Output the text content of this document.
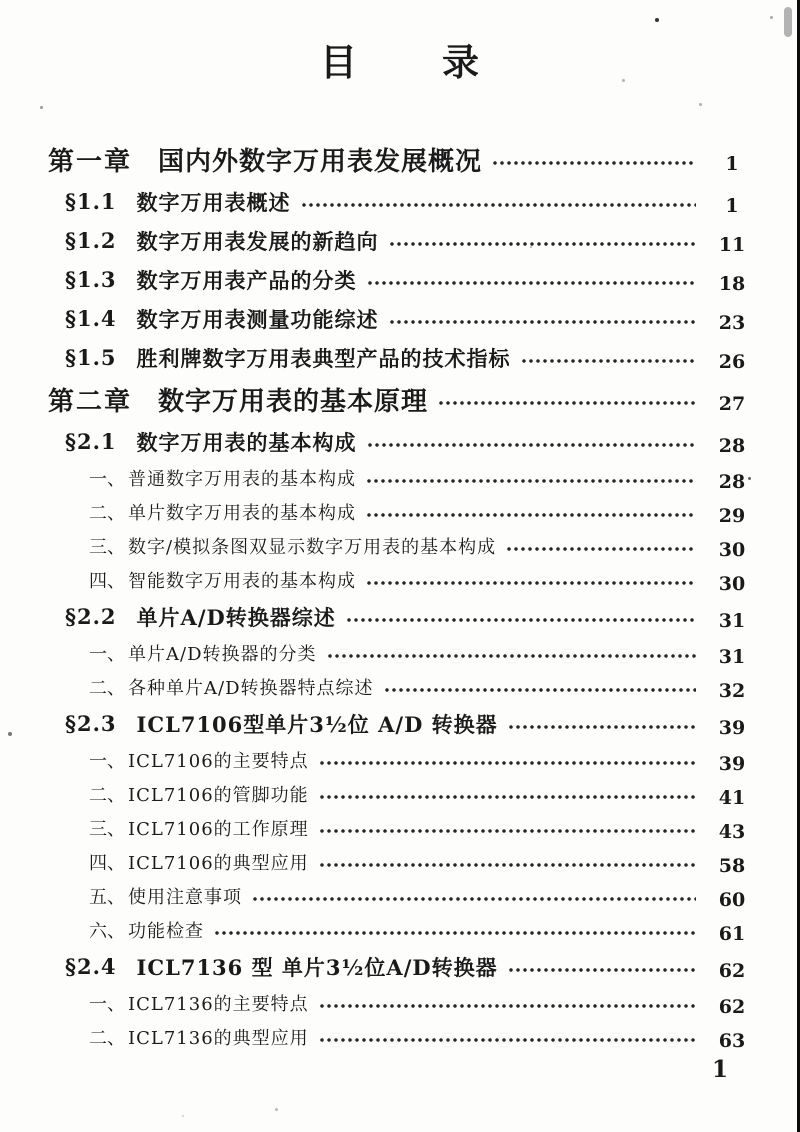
目 录
第一章 国内外数字万用表发展概况	1
§1.1 数字万用表概述	1
§1.2 数字万用表发展的新趋向	11
§1.3 数字万用表产品的分类	18
§1.4 数字万用表测量功能综述	23
§1.5 胜利牌数字万用表典型产品的技术指标	26
第二章 数字万用表的基本原理	27
§2.1 数字万用表的基本构成	28
一、 普通数字万用表的基本构成	28
二、 单片数字万用表的基本构成	29
三、 数字/模拟条图双显示数字万用表的基本构成	30
四、 智能数字万用表的基本构成	30
§2.2 单片A/D转换器综述	31
一、 单片A/D转换器的分类	31
二、 各种单片A/D转换器特点综述	32
§2.3 ICL7106型单片3½位 A/D 转换器	39
一、 ICL7106的主要特点	39
二、 ICL7106的管脚功能	41
三、 ICL7106的工作原理	43
四、 ICL7106的典型应用	58
五、 使用注意事项	60
六、 功能检查	61
§2.4 ICL7136 型 单片3½位A/D转换器	62
一、 ICL7136的主要特点	62
二、 ICL7136的典型应用	63
1
